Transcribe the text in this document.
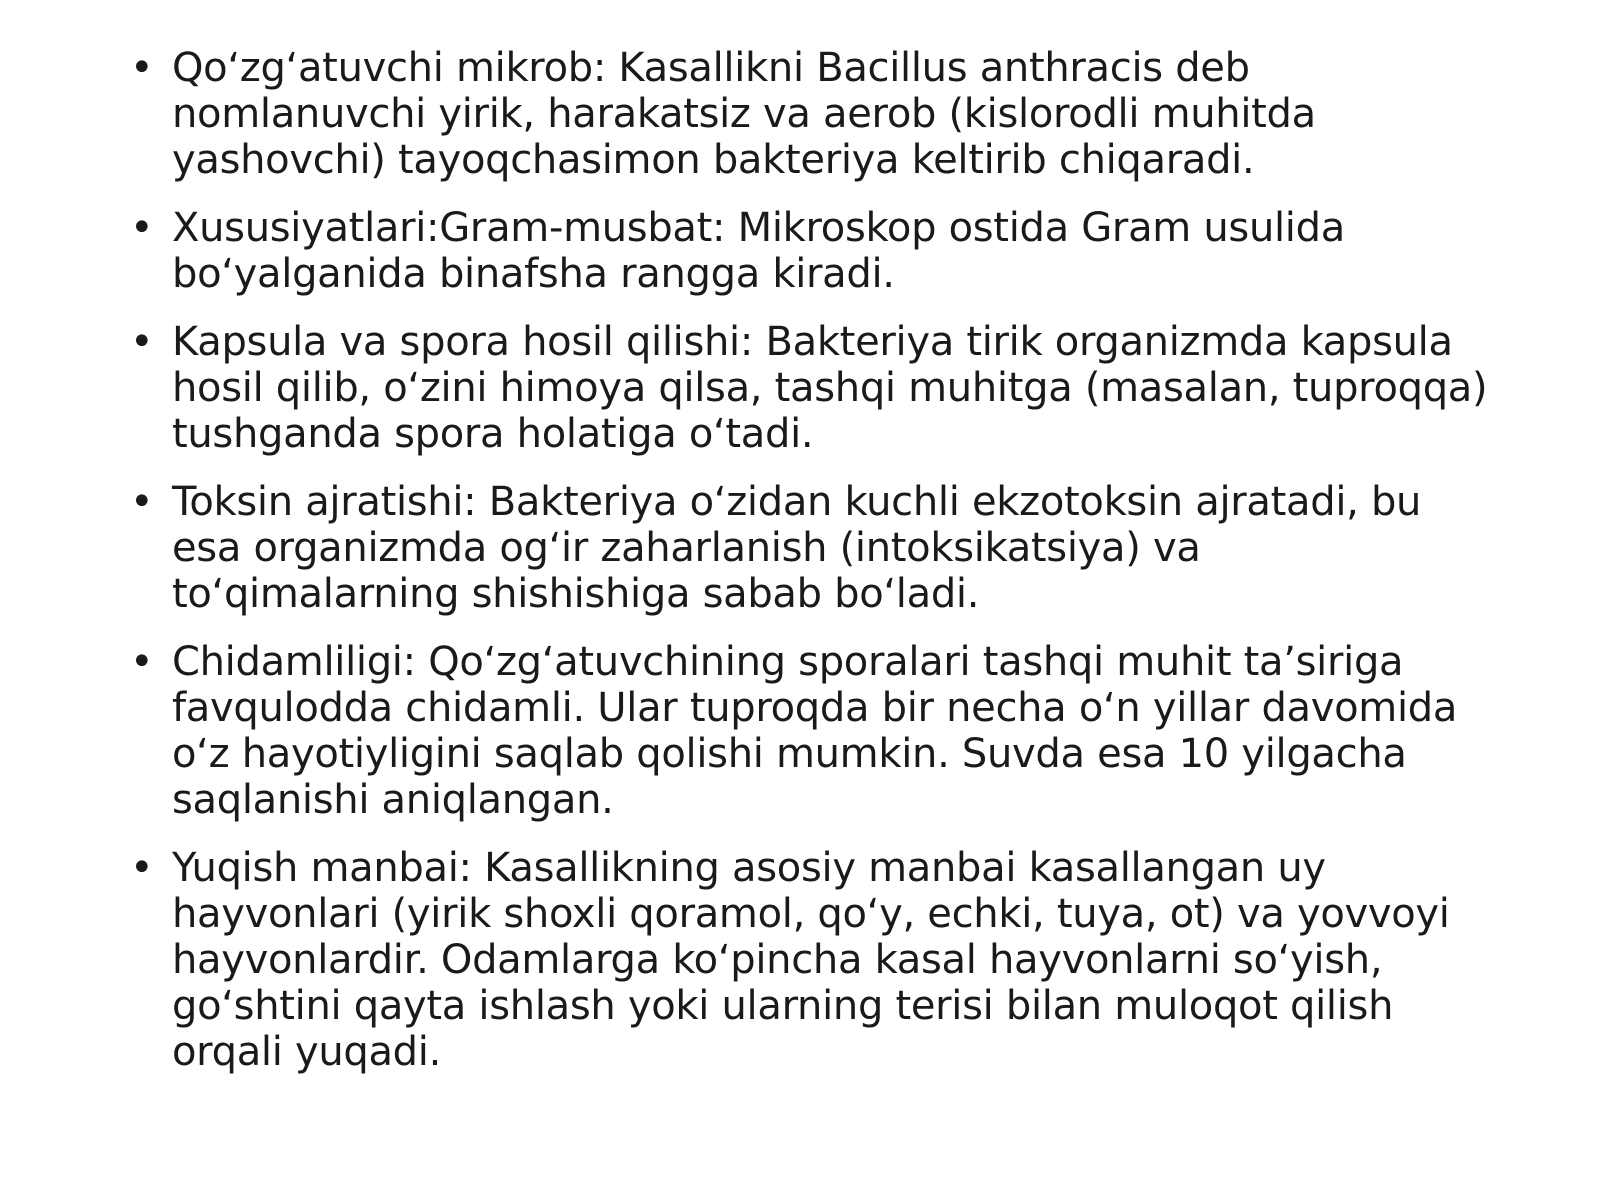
• Qoʻzgʻatuvchi mikrob: Kasallikni Bacillus anthracis deb nomlanuvchi yirik, harakatsiz va aerob (kislorodli muhitda yashovchi) tayoqchasimon bakteriya keltirib chiqaradi.
• Xususiyatlari:Gram-musbat: Mikroskop ostida Gram usulida boʻyalganida binafsha rangga kiradi.
• Kapsula va spora hosil qilishi: Bakteriya tirik organizmda kapsula hosil qilib, oʻzini himoya qilsa, tashqi muhitga (masalan, tuproqqa) tushganda spora holatiga oʻtadi.
• Toksin ajratishi: Bakteriya oʻzidan kuchli ekzotoksin ajratadi, bu esa organizmda ogʻir zaharlanish (intoksikatsiya) va toʻqimalarning shishishiga sabab boʻladi.
• Chidamliligi: Qoʻzgʻatuvchining sporalari tashqi muhit taʼsiriga favqulodda chidamli. Ular tuproqda bir necha oʻn yillar davomida oʻz hayotiyligini saqlab qolishi mumkin. Suvda esa 10 yilgacha saqlanishi aniqlangan.
• Yuqish manbai: Kasallikning asosiy manbai kasallangan uy hayvonlari (yirik shoxli qoramol, qoʻy, echki, tuya, ot) va yovvoyi hayvonlardir. Odamlarga koʻpincha kasal hayvonlarni soʻyish, goʻshtini qayta ishlash yoki ularning terisi bilan muloqot qilish orqali yuqadi.
